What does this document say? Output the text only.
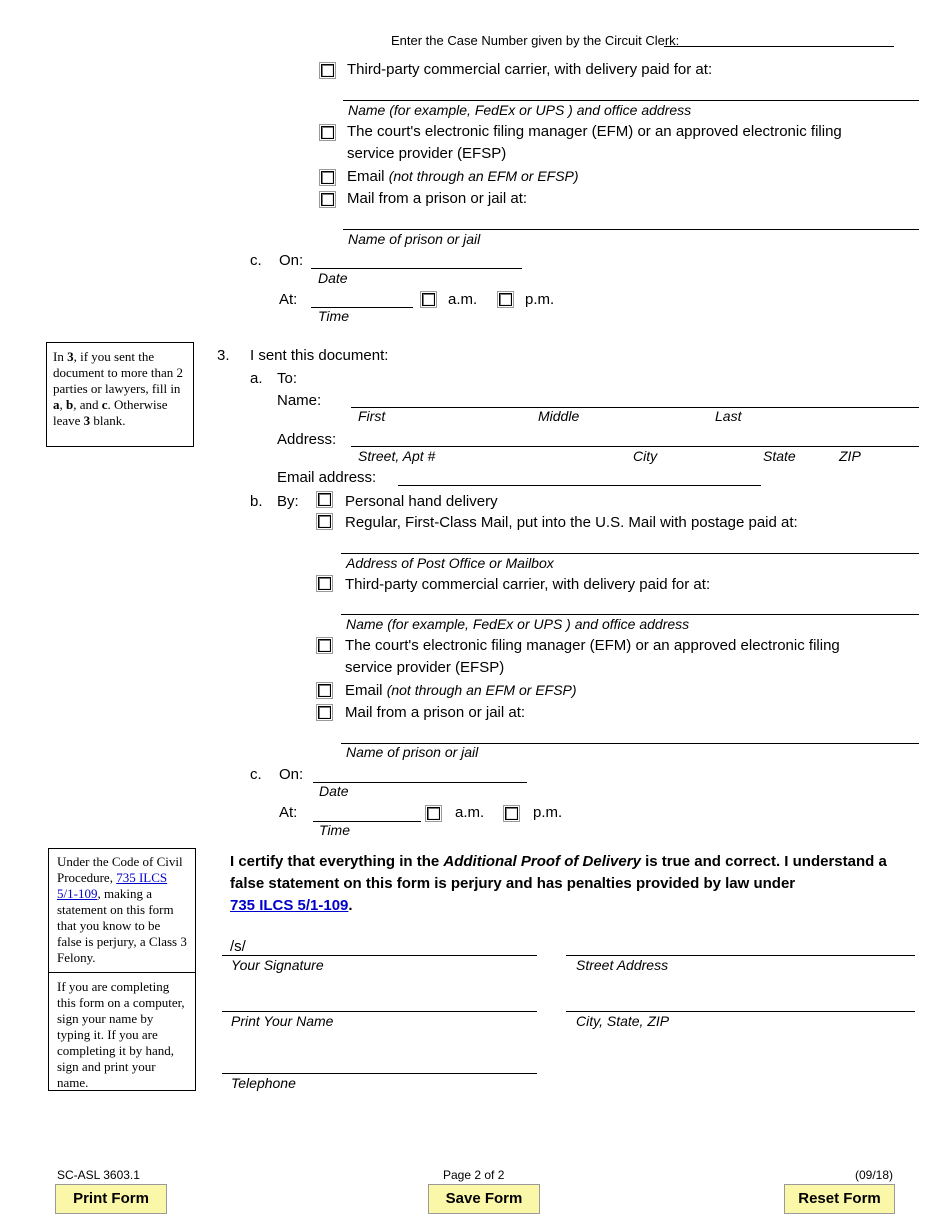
Enter the Case Number given by the Circuit Clerk:
Third-party commercial carrier, with delivery paid for at:
Name (for example, FedEx or UPS ) and office address
The court's electronic filing manager (EFM) or an approved electronic filing
service provider (EFSP)
Email (not through an EFM or EFSP)
Mail from a prison or jail at:
Name of prison or jail
c. On:
Date
At:	a.m.	p.m.
Time
In 3, if you sent the document to more than 2 parties or lawyers, fill in a, b, and c. Otherwise leave 3 blank.
3. I sent this document:
a. To:
Name:
First	Middle	Last
Address:
Street, Apt #	City	State	ZIP
Email address:
b. By:	Personal hand delivery
Regular, First-Class Mail, put into the U.S. Mail with postage paid at:
Address of Post Office or Mailbox
Third-party commercial carrier, with delivery paid for at:
Name (for example, FedEx or UPS ) and office address
The court's electronic filing manager (EFM) or an approved electronic filing
service provider (EFSP)
Email (not through an EFM or EFSP)
Mail from a prison or jail at:
Name of prison or jail
c. On:
Date
At:	a.m.	p.m.
Time
Under the Code of Civil Procedure, 735 ILCS 5/1-109, making a statement on this form that you know to be false is perjury, a Class 3 Felony.
If you are completing this form on a computer, sign your name by typing it. If you are completing it by hand, sign and print your name.
I certify that everything in the Additional Proof of Delivery is true and correct. I understand a false statement on this form is perjury and has penalties provided by law under
735 ILCS 5/1-109.
/s/
Your Signature	Street Address
Print Your Name	City, State, ZIP
Telephone
SC-ASL 3603.1	Page 2 of 2	(09/18)
Print Form	Save Form	Reset Form
